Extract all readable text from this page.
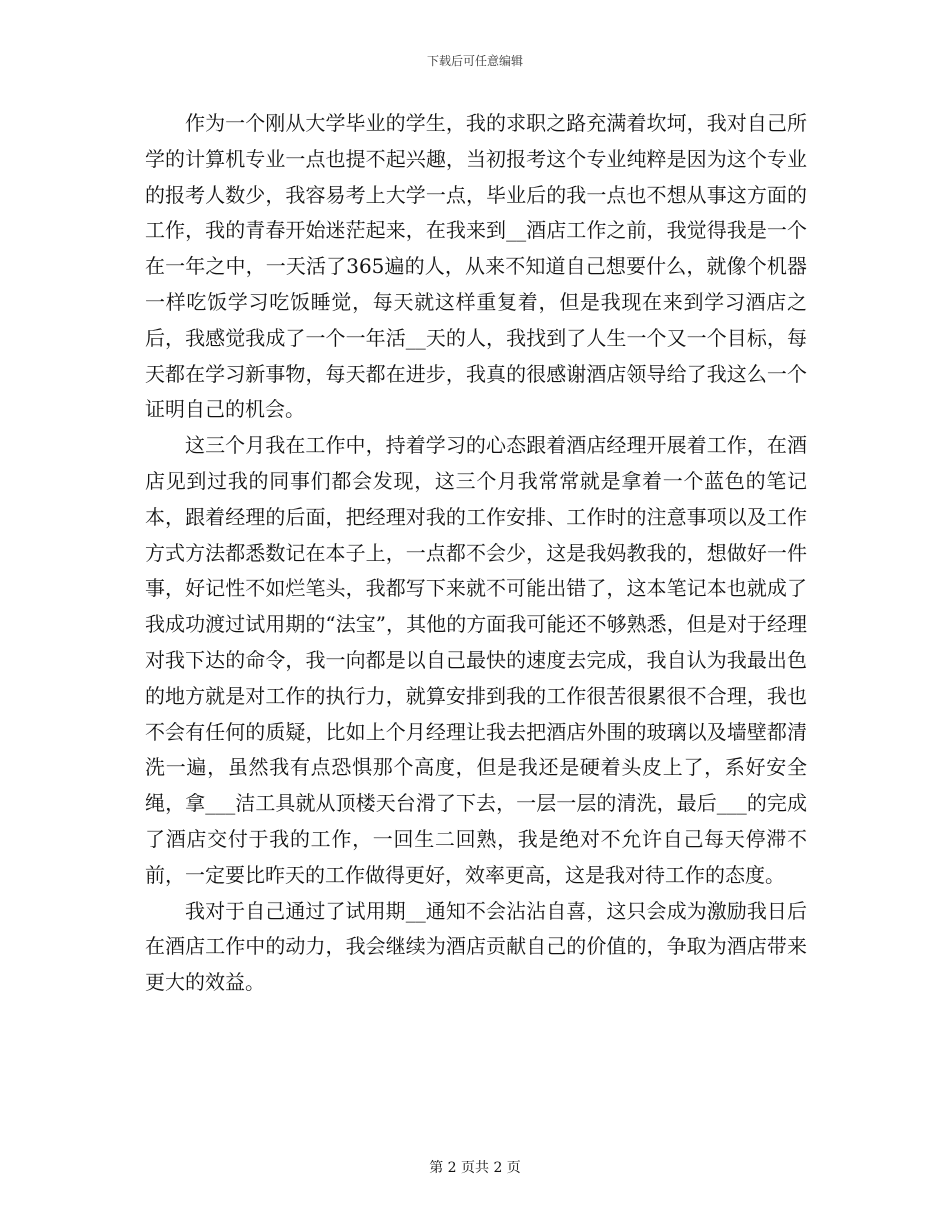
下载后可任意编辑

作为一个刚从大学毕业的学生，我的求职之路充满着坎坷，我对自己所学的计算机专业一点也提不起兴趣，当初报考这个专业纯粹是因为这个专业的报考人数少，我容易考上大学一点，毕业后的我一点也不想从事这方面的工作，我的青春开始迷茫起来，在我来到__酒店工作之前，我觉得我是一个在一年之中，一天活了365遍的人，从来不知道自己想要什么，就像个机器一样吃饭学习吃饭睡觉，每天就这样重复着，但是我现在来到学习酒店之后，我感觉我成了一个一年活__天的人，我找到了人生一个又一个目标，每天都在学习新事物，每天都在进步，我真的很感谢酒店领导给了我这么一个证明自己的机会。

这三个月我在工作中，持着学习的心态跟着酒店经理开展着工作，在酒店见到过我的同事们都会发现，这三个月我常常就是拿着一个蓝色的笔记本，跟着经理的后面，把经理对我的工作安排、工作时的注意事项以及工作方式方法都悉数记在本子上，一点都不会少，这是我妈教我的，想做好一件事，好记性不如烂笔头，我都写下来就不可能出错了，这本笔记本也就成了我成功渡过试用期的“法宝”，其他的方面我可能还不够熟悉，但是对于经理对我下达的命令，我一向都是以自己最快的速度去完成，我自认为我最出色的地方就是对工作的执行力，就算安排到我的工作很苦很累很不合理，我也不会有任何的质疑，比如上个月经理让我去把酒店外围的玻璃以及墙壁都清洗一遍，虽然我有点恐惧那个高度，但是我还是硬着头皮上了，系好安全绳，拿___洁工具就从顶楼天台滑了下去，一层一层的清洗，最后___的完成了酒店交付于我的工作，一回生二回熟，我是绝对不允许自己每天停滞不前，一定要比昨天的工作做得更好，效率更高，这是我对待工作的态度。

我对于自己通过了试用期__通知不会沾沾自喜，这只会成为激励我日后在酒店工作中的动力，我会继续为酒店贡献自己的价值的，争取为酒店带来更大的效益。

第 2 页共 2 页
